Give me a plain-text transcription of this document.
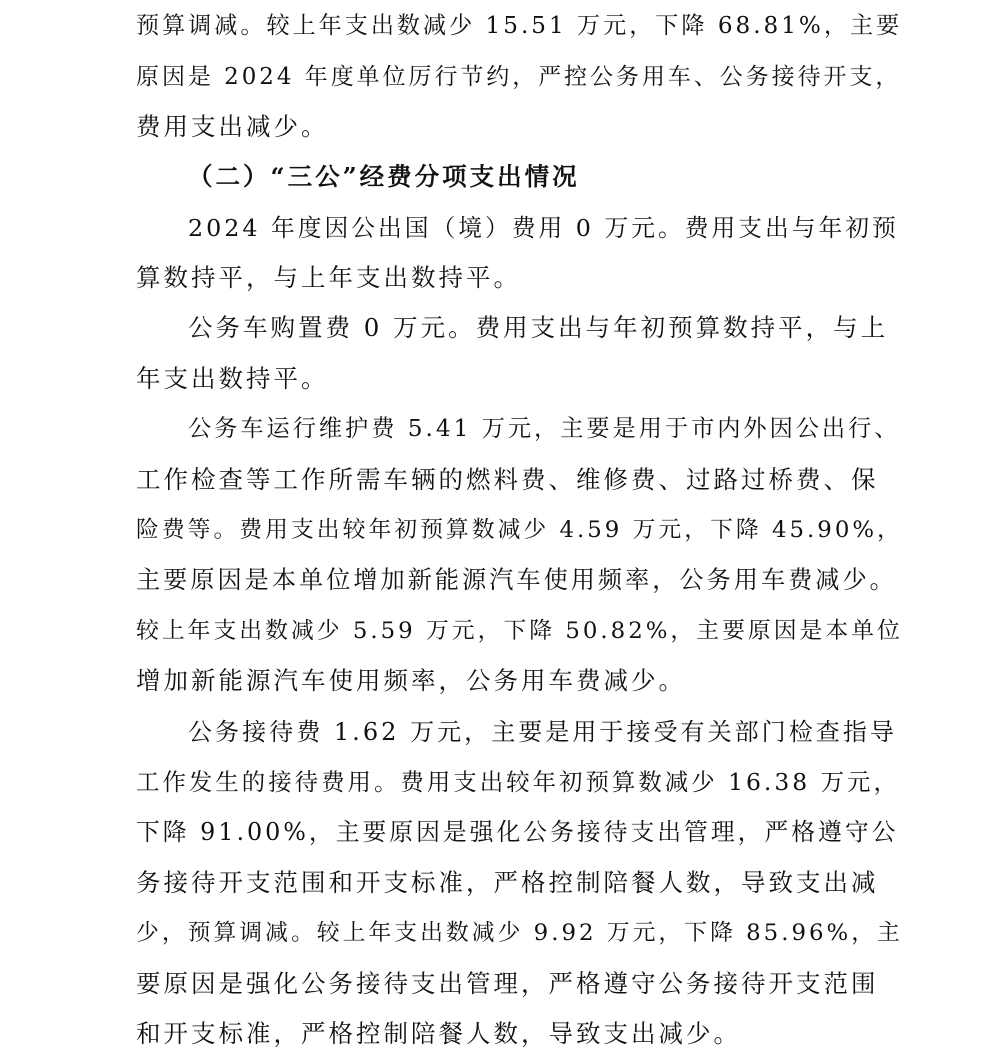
预算调减。较上年支出数减少 15.51 万元，下降 68.81%，主要
原因是 2024 年度单位厉行节约，严控公务用车、公务接待开支，
费用支出减少。
（二）“三公”经费分项支出情况
2024 年度因公出国（境）费用 0 万元。费用支出与年初预
算数持平，与上年支出数持平。
公务车购置费 0 万元。费用支出与年初预算数持平，与上
年支出数持平。
公务车运行维护费 5.41 万元，主要是用于市内外因公出行、
工作检查等工作所需车辆的燃料费、维修费、过路过桥费、保
险费等。费用支出较年初预算数减少 4.59 万元，下降 45.90%，
主要原因是本单位增加新能源汽车使用频率，公务用车费减少。
较上年支出数减少 5.59 万元，下降 50.82%，主要原因是本单位
增加新能源汽车使用频率，公务用车费减少。
公务接待费 1.62 万元，主要是用于接受有关部门检查指导
工作发生的接待费用。费用支出较年初预算数减少 16.38 万元，
下降 91.00%，主要原因是强化公务接待支出管理，严格遵守公
务接待开支范围和开支标准，严格控制陪餐人数，导致支出减
少，预算调减。较上年支出数减少 9.92 万元，下降 85.96%，主
要原因是强化公务接待支出管理，严格遵守公务接待开支范围
和开支标准，严格控制陪餐人数，导致支出减少。
